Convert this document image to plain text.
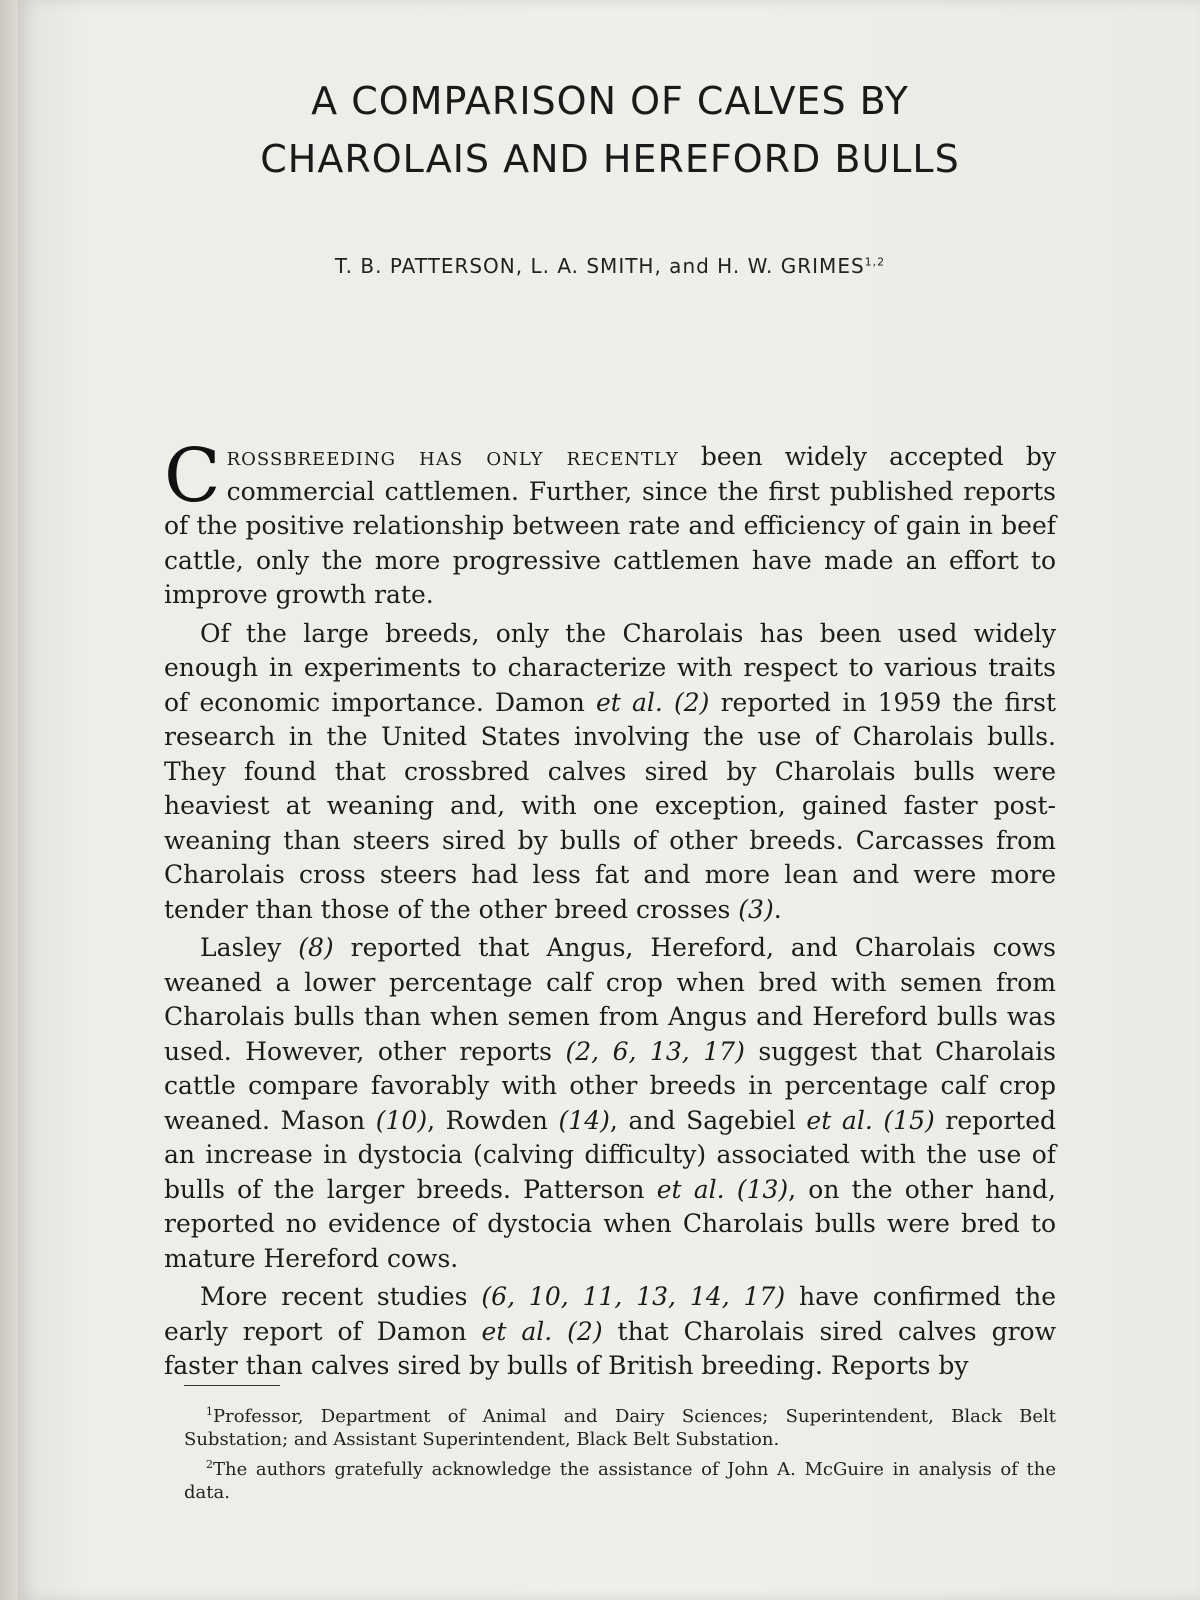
A COMPARISON OF CALVES BY
CHAROLAIS AND HEREFORD BULLS
T. B. PATTERSON, L. A. SMITH, and H. W. GRIMES$^{1,2}$

Crossbreeding has only recently been widely accepted by commercial cattlemen. Further, since the first published reports of the positive relationship between rate and efficiency of gain in beef cattle, only the more progressive cattlemen have made an effort to improve growth rate.

Of the large breeds, only the Charolais has been used widely enough in experiments to characterize with respect to various traits of economic importance. Damon et al. (2) reported in 1959 the first research in the United States involving the use of Charolais bulls. They found that crossbred calves sired by Charolais bulls were heaviest at weaning and, with one exception, gained faster post-weaning than steers sired by bulls of other breeds. Carcasses from Charolais cross steers had less fat and more lean and were more tender than those of the other breed crosses (3).

Lasley (8) reported that Angus, Hereford, and Charolais cows weaned a lower percentage calf crop when bred with semen from Charolais bulls than when semen from Angus and Hereford bulls was used. However, other reports (2, 6, 13, 17) suggest that Charolais cattle compare favorably with other breeds in percentage calf crop weaned. Mason (10), Rowden (14), and Sagebiel et al. (15) reported an increase in dystocia (calving difficulty) associated with the use of bulls of the larger breeds. Patterson et al. (13), on the other hand, reported no evidence of dystocia when Charolais bulls were bred to mature Hereford cows.

More recent studies (6, 10, 11, 13, 14, 17) have confirmed the early report of Damon et al. (2) that Charolais sired calves grow faster than calves sired by bulls of British breeding. Reports by

$^1$Professor, Department of Animal and Dairy Sciences; Superintendent, Black Belt Substation; and Assistant Superintendent, Black Belt Substation.

$^2$The authors gratefully acknowledge the assistance of John A. McGuire in analysis of the data.
